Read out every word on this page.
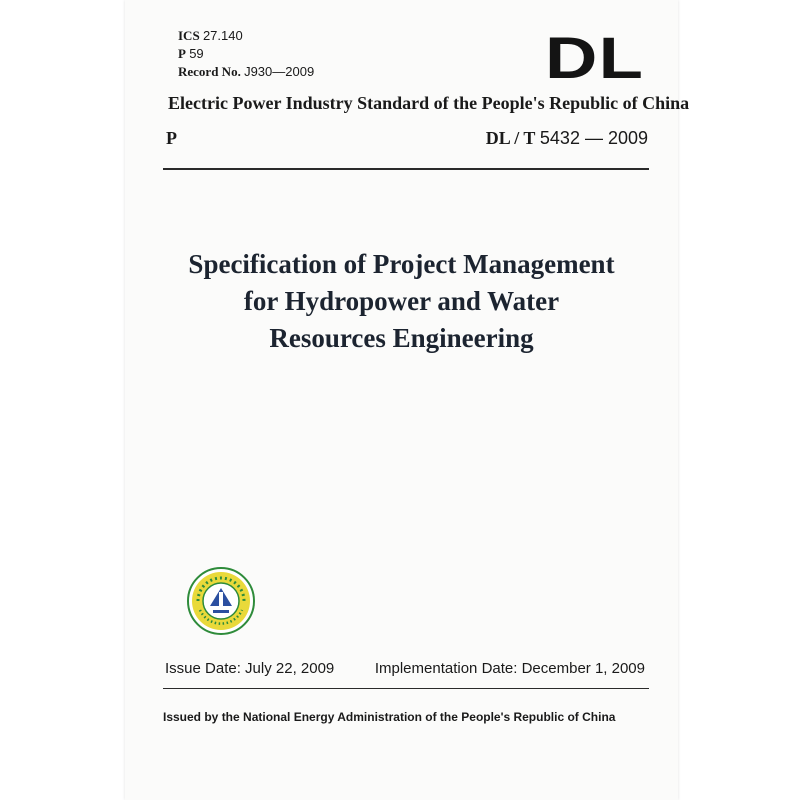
ICS 27.140
P 59
Record No. J930—2009	DL
Electric Power Industry Standard of the People's Republic of China
P	DL / T 5432 — 2009
Specification of Project Management
for Hydropower and Water
Resources Engineering
Issue Date: July 22, 2009	Implementation Date: December 1, 2009
Issued by the National Energy Administration of the People's Republic of China
